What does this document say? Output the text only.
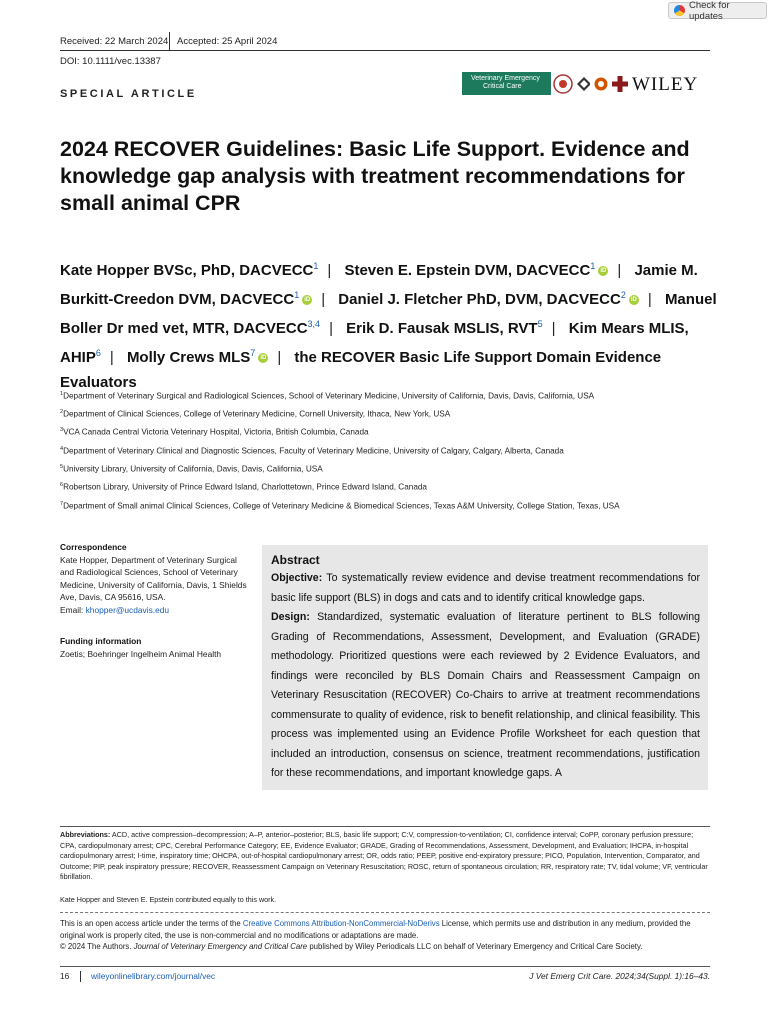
Check for updates
Received: 22 March 2024 Accepted: 25 April 2024
DOI: 10.1111/vec.13387
Veterinary Emergency
Critical Care	WILEY
SPECIAL ARTICLE
2024 RECOVER Guidelines: Basic Life Support. Evidence and knowledge gap analysis with treatment recommendations for small animal CPR
Kate Hopper BVSc, PhD, DACVECC$^1$ | Steven E. Epstein DVM, DACVECC$^1$iD | Jamie M. Burkitt-Creedon DVM, DACVECC$^1$iD | Daniel J. Fletcher PhD, DVM, DACVECC$^2$iD | Manuel Boller Dr med vet, MTR, DACVECC$^{3,4}$ | Erik D. Fausak MSLIS, RVT$^5$ | Kim Mears MLIS, AHIP$^6$ | Molly Crews MLS$^7$iD | the RECOVER Basic Life Support Domain Evidence Evaluators
$^1$Department of Veterinary Surgical and Radiological Sciences, School of Veterinary Medicine, University of California, Davis, Davis, California, USA
$^2$Department of Clinical Sciences, College of Veterinary Medicine, Cornell University, Ithaca, New York, USA
$^3$VCA Canada Central Victoria Veterinary Hospital, Victoria, British Columbia, Canada
$^4$Department of Veterinary Clinical and Diagnostic Sciences, Faculty of Veterinary Medicine, University of Calgary, Calgary, Alberta, Canada
$^5$University Library, University of California, Davis, Davis, California, USA
$^6$Robertson Library, University of Prince Edward Island, Charlottetown, Prince Edward Island, Canada
$^7$Department of Small animal Clinical Sciences, College of Veterinary Medicine & Biomedical Sciences, Texas A&M University, College Station, Texas, USA
Correspondence
Kate Hopper, Department of Veterinary Surgical and Radiological Sciences, School of Veterinary Medicine, University of California, Davis, 1 Shields Ave, Davis, CA 95616, USA.
Email: khopper@ucdavis.edu
Funding information
Zoetis; Boehringer Ingelheim Animal Health
Abstract
Objective: To systematically review evidence and devise treatment recommendations for basic life support (BLS) in dogs and cats and to identify critical knowledge gaps.
Design: Standardized, systematic evaluation of literature pertinent to BLS following Grading of Recommendations, Assessment, Development, and Evaluation (GRADE) methodology. Prioritized questions were each reviewed by 2 Evidence Evaluators, and findings were reconciled by BLS Domain Chairs and Reassessment Campaign on Veterinary Resuscitation (RECOVER) Co-Chairs to arrive at treatment recommendations commensurate to quality of evidence, risk to benefit relationship, and clinical feasibility. This process was implemented using an Evidence Profile Worksheet for each question that included an introduction, consensus on science, treatment recommendations, justification for these recommendations, and important knowledge gaps. A
Abbreviations: ACD, active compression–decompression; A–P, anterior–posterior; BLS, basic life support; C:V, compression-to-ventilation; CI, confidence interval; CoPP, coronary perfusion pressure; CPA, cardiopulmonary arrest; CPC, Cerebral Performance Category; EE, Evidence Evaluator; GRADE, Grading of Recommendations, Assessment, Development, and Evaluation; IHCPA, in-hospital cardiopulmonary arrest; I-time, inspiratory time; OHCPA, out-of-hospital cardiopulmonary arrest; OR, odds ratio; PEEP, positive end-expiratory pressure; PICO, Population, Intervention, Comparator, and Outcome; PIP, peak inspiratory pressure; RECOVER, Reassessment Campaign on Veterinary Resuscitation; ROSC, return of spontaneous circulation; RR, respiratory rate; TV, tidal volume; VF, ventricular fibrillation.
Kate Hopper and Steven E. Epstein contributed equally to this work.
This is an open access article under the terms of the Creative Commons Attribution-NonCommercial-NoDerivs License, which permits use and distribution in any medium, provided the original work is properly cited, the use is non-commercial and no modifications or adaptations are made.
© 2024 The Authors. Journal of Veterinary Emergency and Critical Care published by Wiley Periodicals LLC on behalf of Veterinary Emergency and Critical Care Society.
16	wileyonlinelibrary.com/journal/vec	J Vet Emerg Crit Care. 2024;34(Suppl. 1):16–43.
